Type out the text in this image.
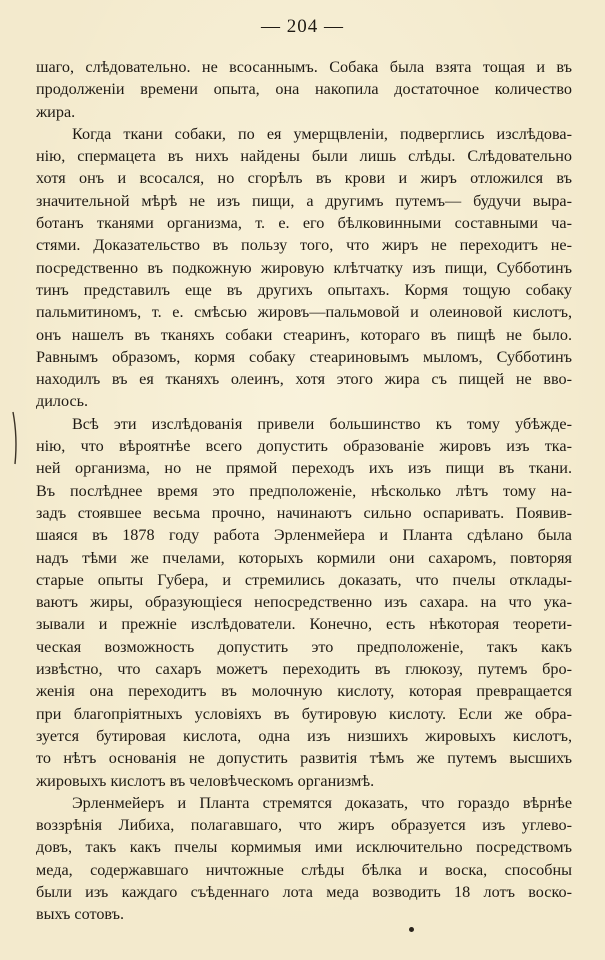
— 204 —
шаго, слѣдовательно. не всосаннымъ. Собака была взята тощая и въ
продолженіи времени опыта, она накопила достаточное количество
жира.
Когда ткани собаки, по ея умерщвленіи, подверглись изслѣдова-
нію, спермацета въ нихъ найдены были лишь слѣды. Слѣдовательно
хотя онъ и всосался, но сгорѣлъ въ крови и жиръ отложился въ
значительной мѣрѣ не изъ пищи, а другимъ путемъ— будучи выра-
ботанъ тканями организма, т. е. его бѣлковинными составными ча-
стями. Доказательство въ пользу того, что жиръ не переходитъ не-
посредственно въ подкожную жировую клѣтчатку изъ пищи, Субботинъ
тинъ представилъ еще въ другихъ опытахъ. Кормя тощую собаку
пальмитиномъ, т. е. смѣсью жировъ—пальмовой и олеиновой кислотъ,
онъ нашелъ въ тканяхъ собаки стеаринъ, котораго въ пищѣ не было.
Равнымъ образомъ, кормя собаку стеариновымъ мыломъ, Субботинъ
находилъ въ ея тканяхъ олеинъ, хотя этого жира съ пищей не вво-
дилось.
Всѣ эти изслѣдованія привели большинство къ тому убѣжде-
нію, что вѣроятнѣе всего допустить образованіе жировъ изъ тка-
ней организма, но не прямой переходъ ихъ изъ пищи въ ткани.
Въ послѣднее время это предположеніе, нѣсколько лѣтъ тому на-
задъ стоявшее весьма прочно, начинаютъ сильно оспаривать. Появив-
шаяся въ 1878 году работа Эрленмейера и Планта сдѣлано была
надъ тѣми же пчелами, которыхъ кормили они сахаромъ, повторяя
старые опыты Губера, и стремились доказать, что пчелы отклады-
ваютъ жиры, образующіеся непосредственно изъ сахара. на что ука-
зывали и прежніе изслѣдователи. Конечно, есть нѣкоторая теорети-
ческая возможность допустить это предположеніе, такъ какъ
извѣстно, что сахаръ можетъ переходить въ глюкозу, путемъ бро-
женія она переходитъ въ молочную кислоту, которая превращается
при благопріятныхъ условіяхъ въ бутировую кислоту. Если же обра-
зуется бутировая кислота, одна изъ низшихъ жировыхъ кислотъ,
то нѣтъ основанія не допустить развитія тѣмъ же путемъ высшихъ
жировыхъ кислотъ въ человѣческомъ организмѣ.
Эрленмейеръ и Планта стремятся доказать, что гораздо вѣрнѣе
воззрѣнія Либиха, полагавшаго, что жиръ образуется изъ углево-
довъ, такъ какъ пчелы кормимыя ими исключительно посредствомъ
меда, содержавшаго ничтожные слѣды бѣлка и воска, способны
были изъ каждаго съѣденнаго лота меда возводить 18 лотъ воско-
выхъ сотовъ.
